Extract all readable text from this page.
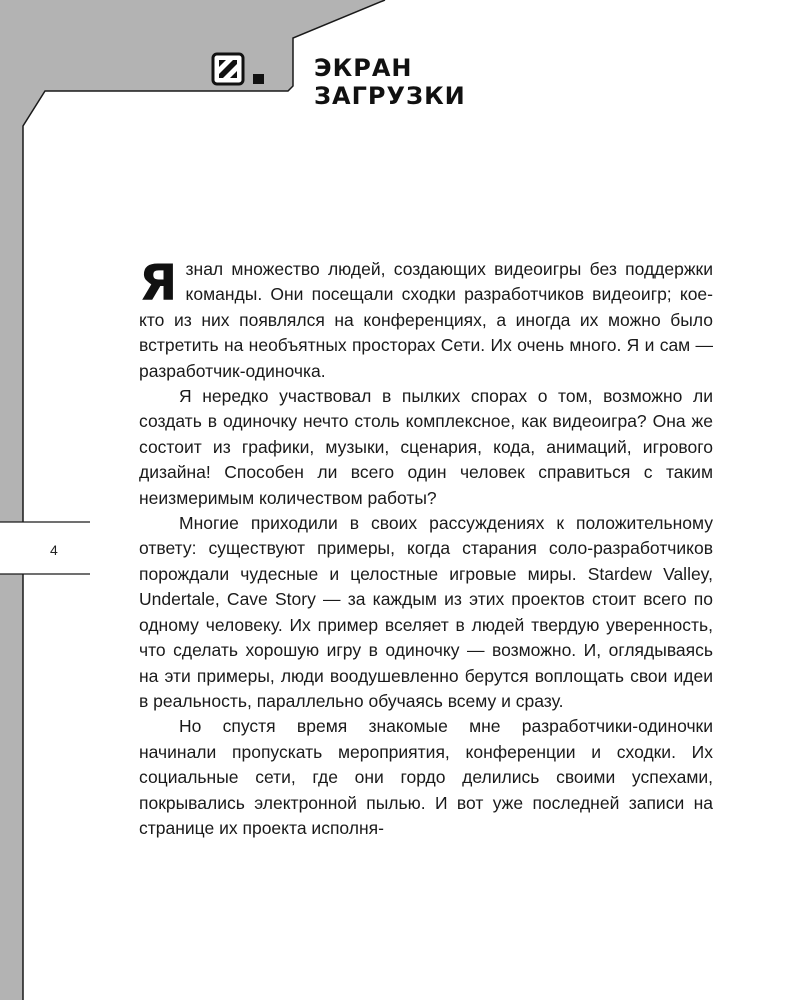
ЭКРАН
ЗАГРУЗКИ
4

Я знал множество людей, создающих видеоигры без поддержки команды. Они посещали сходки разработчиков видеоигр; кое-кто из них появлялся на конференциях, а иногда их можно было встретить на необъятных просторах Сети. Их очень много. Я и сам — разработчик-одиночка.

Я нередко участвовал в пылких спорах о том, возможно ли создать в одиночку нечто столь комплексное, как видеоигра? Она же состоит из графики, музыки, сценария, кода, анимаций, игрового дизайна! Способен ли всего один человек справиться с таким неизмеримым количеством работы?

Многие приходили в своих рассуждениях к положительному ответу: существуют примеры, когда старания соло-разработчиков порождали чудесные и целостные игровые миры. Stardew Valley, Undertale, Cave Story — за каждым из этих проектов стоит всего по одному человеку. Их пример вселяет в людей твердую уверенность, что сделать хорошую игру в одиночку — возможно. И, оглядываясь на эти примеры, люди воодушевленно берутся воплощать свои идеи в реальность, параллельно обучаясь всему и сразу.

Но спустя время знакомые мне разработчики-одиночки начинали пропускать мероприятия, конференции и сходки. Их социальные сети, где они гордо делились своими успехами, покрывались электронной пылью. И вот уже последней записи на странице их проекта исполня-
